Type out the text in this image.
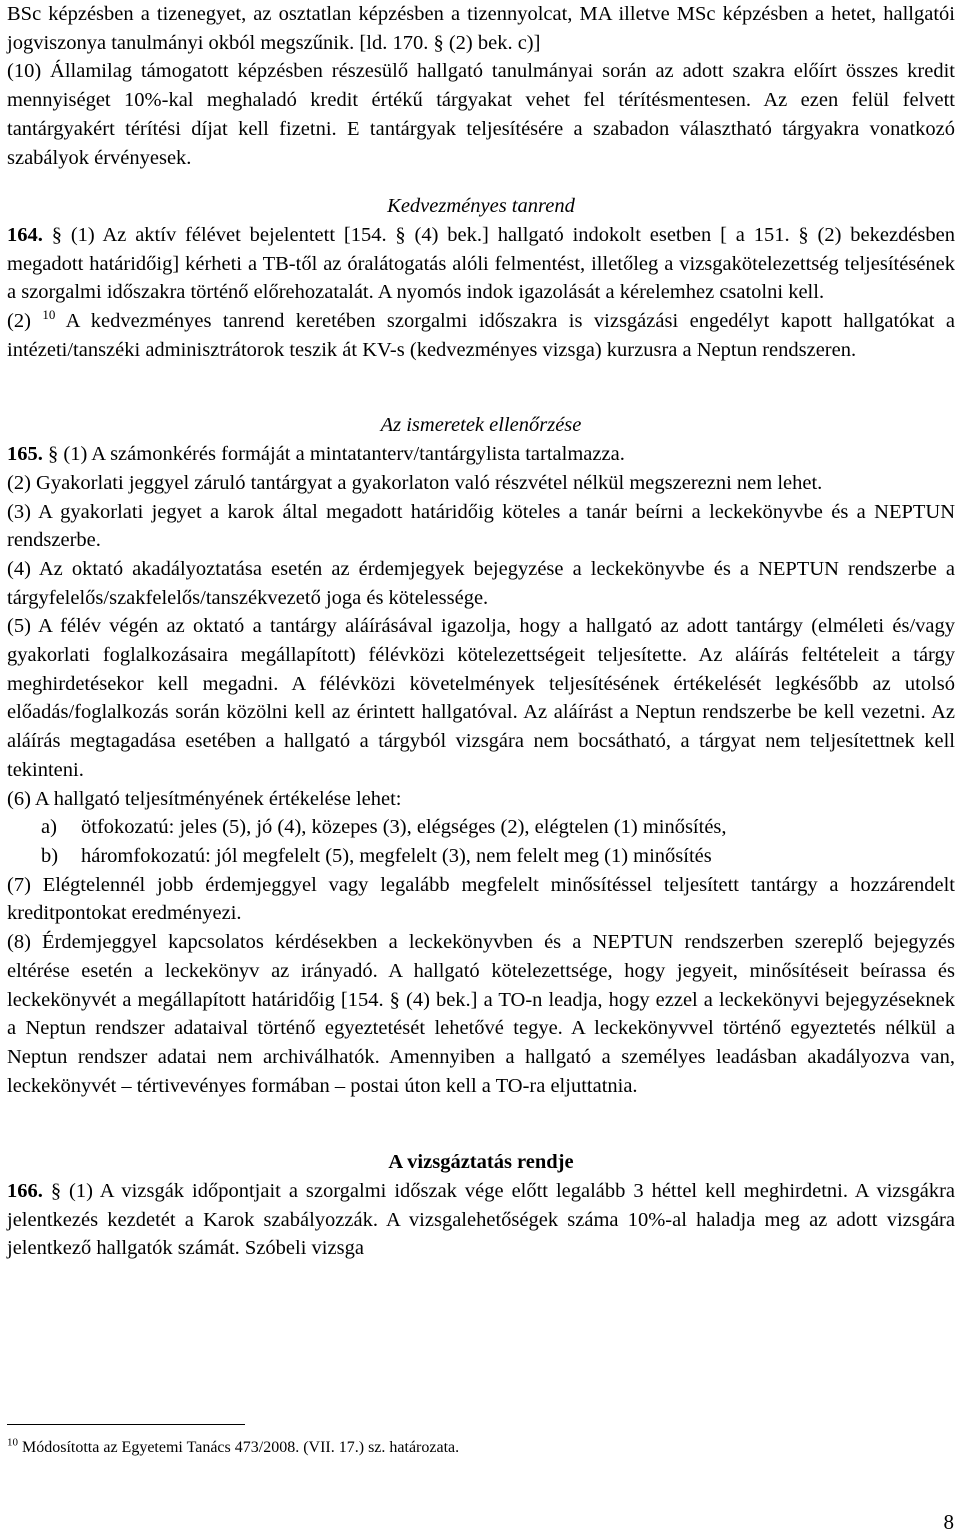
BSc képzésben a tizenegyet, az osztatlan képzésben a tizennyolcat, MA illetve MSc képzésben a hetet, hallgatói jogviszonya tanulmányi okból megszűnik. [ld. 170. § (2) bek. c)]

(10) Államilag támogatott képzésben részesülő hallgató tanulmányai során az adott szakra előírt összes kredit mennyiséget 10%-kal meghaladó kredit értékű tárgyakat vehet fel térítésmentesen. Az ezen felül felvett tantárgyakért térítési díjat kell fizetni. E tantárgyak teljesítésére a szabadon választható tárgyakra vonatkozó szabályok érvényesek.

Kedvezményes tanrend

164. § (1) Az aktív félévet bejelentett [154. § (4) bek.] hallgató indokolt esetben [ a 151. § (2) bekezdésben megadott határidőig] kérheti a TB-től az óralátogatás alóli felmentést, illetőleg a vizsgakötelezettség teljesítésének a szorgalmi időszakra történő előrehozatalát. A nyomós indok igazolását a kérelemhez csatolni kell.

(2) $^{10}$ A kedvezményes tanrend keretében szorgalmi időszakra is vizsgázási engedélyt kapott hallgatókat a intézeti/tanszéki adminisztrátorok teszik át KV-s (kedvezményes vizsga) kurzusra a Neptun rendszeren.

Az ismeretek ellenőrzése

165. § (1) A számonkérés formáját a mintatanterv/tantárgylista tartalmazza.

(2) Gyakorlati jeggyel záruló tantárgyat a gyakorlaton való részvétel nélkül megszerezni nem lehet.

(3) A gyakorlati jegyet a karok által megadott határidőig köteles a tanár beírni a leckekönyvbe és a NEPTUN rendszerbe.

(4) Az oktató akadályoztatása esetén az érdemjegyek bejegyzése a leckekönyvbe és a NEPTUN rendszerbe a tárgyfelelős/szakfelelős/tanszékvezető joga és kötelessége.

(5) A félév végén az oktató a tantárgy aláírásával igazolja, hogy a hallgató az adott tantárgy (elméleti és/vagy gyakorlati foglalkozásaira megállapított) félévközi kötelezettségeit teljesítette. Az aláírás feltételeit a tárgy meghirdetésekor kell megadni. A félévközi követelmények teljesítésének értékelését legkésőbb az utolsó előadás/foglalkozás során közölni kell az érintett hallgatóval. Az aláírást a Neptun rendszerbe be kell vezetni. Az aláírás megtagadása esetében a hallgató a tárgyból vizsgára nem bocsátható, a tárgyat nem teljesítettnek kell tekinteni.

(6) A hallgató teljesítményének értékelése lehet:

a)	ötfokozatú: jeles (5), jó (4), közepes (3), elégséges (2), elégtelen (1) minősítés,
b)	háromfokozatú: jól megfelelt (5), megfelelt (3), nem felelt meg (1) minősítés

(7) Elégtelennél jobb érdemjeggyel vagy legalább megfelelt minősítéssel teljesített tantárgy a hozzárendelt kreditpontokat eredményezi.

(8) Érdemjeggyel kapcsolatos kérdésekben a leckekönyvben és a NEPTUN rendszerben szereplő bejegyzés eltérése esetén a leckekönyv az irányadó. A hallgató kötelezettsége, hogy jegyeit, minősítéseit beírassa és leckekönyvét a megállapított határidőig [154. § (4) bek.] a TO-n leadja, hogy ezzel a leckekönyvi bejegyzéseknek a Neptun rendszer adataival történő egyeztetését lehetővé tegye. A leckekönyvvel történő egyeztetés nélkül a Neptun rendszer adatai nem archiválhatók. Amennyiben a hallgató a személyes leadásban akadályozva van, leckekönyvét – tértivevényes formában – postai úton kell a TO-ra eljuttatnia.

A vizsgáztatás rendje

166. § (1) A vizsgák időpontjait a szorgalmi időszak vége előtt legalább 3 héttel kell meghirdetni. A vizsgákra jelentkezés kezdetét a Karok szabályozzák. A vizsgalehetőségek száma 10%-al haladja meg az adott vizsgára jelentkező hallgatók számát. Szóbeli vizsga

$^{10}$ Módosította az Egyetemi Tanács 473/2008. (VII. 17.) sz. határozata.
8
